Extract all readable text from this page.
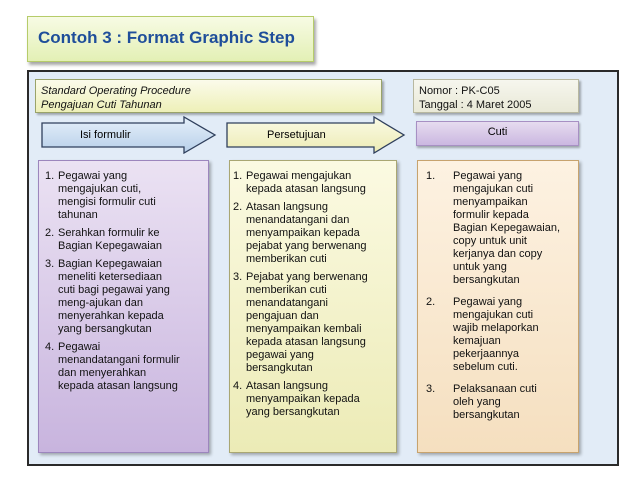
Contoh 3 : Format Graphic Step
Standard Operating Procedure
Pengajuan Cuti Tahunan
Nomor : PK-C05
Tanggal : 4 Maret 2005
Isi formulir	Persetujuan	Cuti
1. Pegawai yang
mengajukan cuti,
mengisi formulir cuti
tahunan
2. Serahkan formulir ke
Bagian Kepegawaian
3. Bagian Kepegawaian
meneliti ketersediaan
cuti bagi pegawai yang
meng-ajukan dan
menyerahkan kepada
yang bersangkutan
4. Pegawai
menandatangani formulir
dan menyerahkan
kepada atasan langsung
1. Pegawai mengajukan
kepada atasan langsung
2. Atasan langsung
menandatangani dan
menyampaikan kepada
pejabat yang berwenang
memberikan cuti
3. Pejabat yang berwenang
memberikan cuti
menandatangani
pengajuan dan
menyampaikan kembali
kepada atasan langsung
pegawai yang
bersangkutan
4. Atasan langsung
menyampaikan kepada
yang bersangkutan
1.	Pegawai yang
mengajukan cuti
menyampaikan
formulir kepada
Bagian Kepegawaian,
copy untuk unit
kerjanya dan copy
untuk yang
bersangkutan
2.	Pegawai yang
mengajukan cuti
wajib melaporkan
kemajuan
pekerjaannya
sebelum cuti.
3.	Pelaksanaan cuti
oleh yang
bersangkutan
